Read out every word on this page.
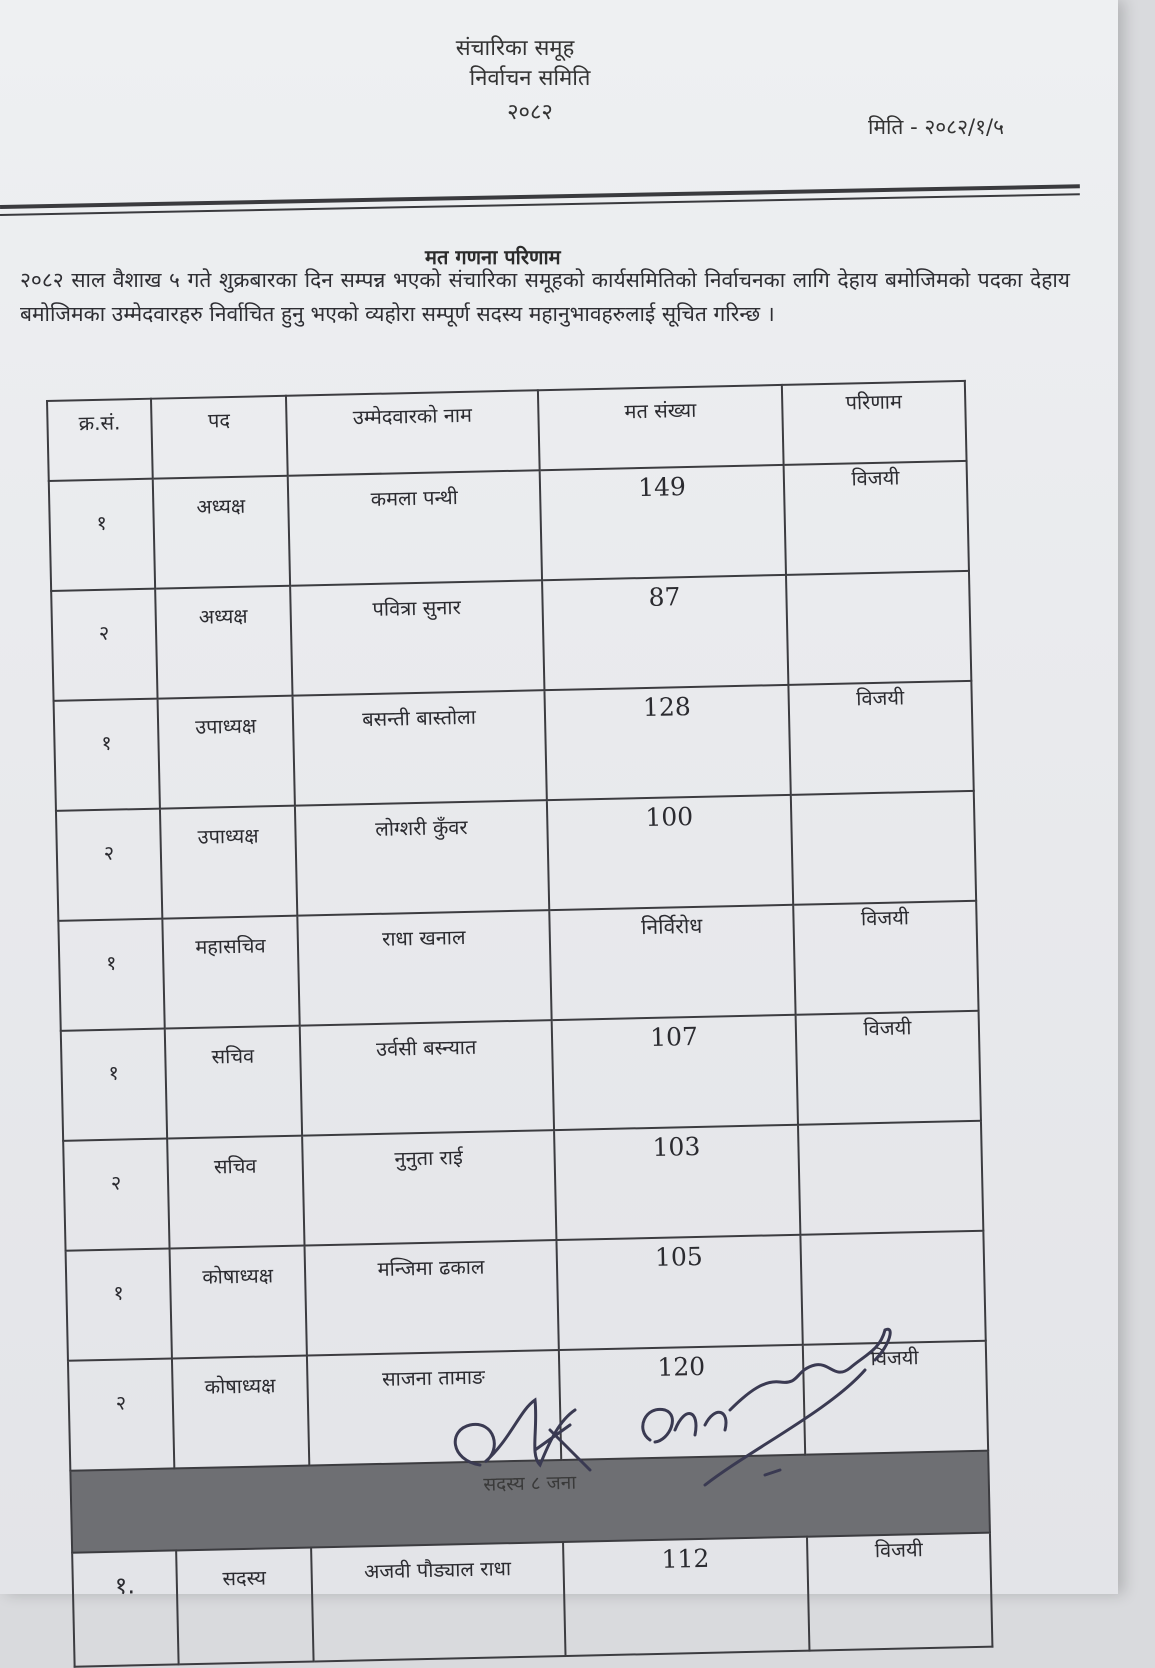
संचारिका समूह
निर्वाचन समिति
२०८२
मिति - २०८२/१/५
मत गणना परिणाम
२०८२ साल वैशाख ५ गते शुक्रबारका दिन सम्पन्न भएको संचारिका समूहको कार्यसमितिको निर्वाचनका लागि देहाय बमोजिमको पदका देहाय बमोजिमका उम्मेदवारहरु निर्वाचित हुनु भएको व्यहोरा सम्पूर्ण सदस्य महानुभावहरुलाई सूचित गरिन्छ ।
क्र.सं.	पद	उम्मेदवारको नाम	मत संख्या	परिणाम
१	अध्यक्ष	कमला पन्थी	149	विजयी
२	अध्यक्ष	पवित्रा सुनार	87	
१	उपाध्यक्ष	बसन्ती बास्तोला	128	विजयी
२	उपाध्यक्ष	लोग्शरी कुँवर	100	
१	महासचिव	राधा खनाल	निर्विरोध	विजयी
१	सचिव	उर्वसी बस्न्यात	107	विजयी
२	सचिव	नुनुता राई	103	
१	कोषाध्यक्ष	मन्जिमा ढकाल	105	
२	कोषाध्यक्ष	साजना तामाङ	120	विजयी
सदस्य ८ जना				
१.	सदस्य	अजवी पौड्याल राधा	112	विजयी
